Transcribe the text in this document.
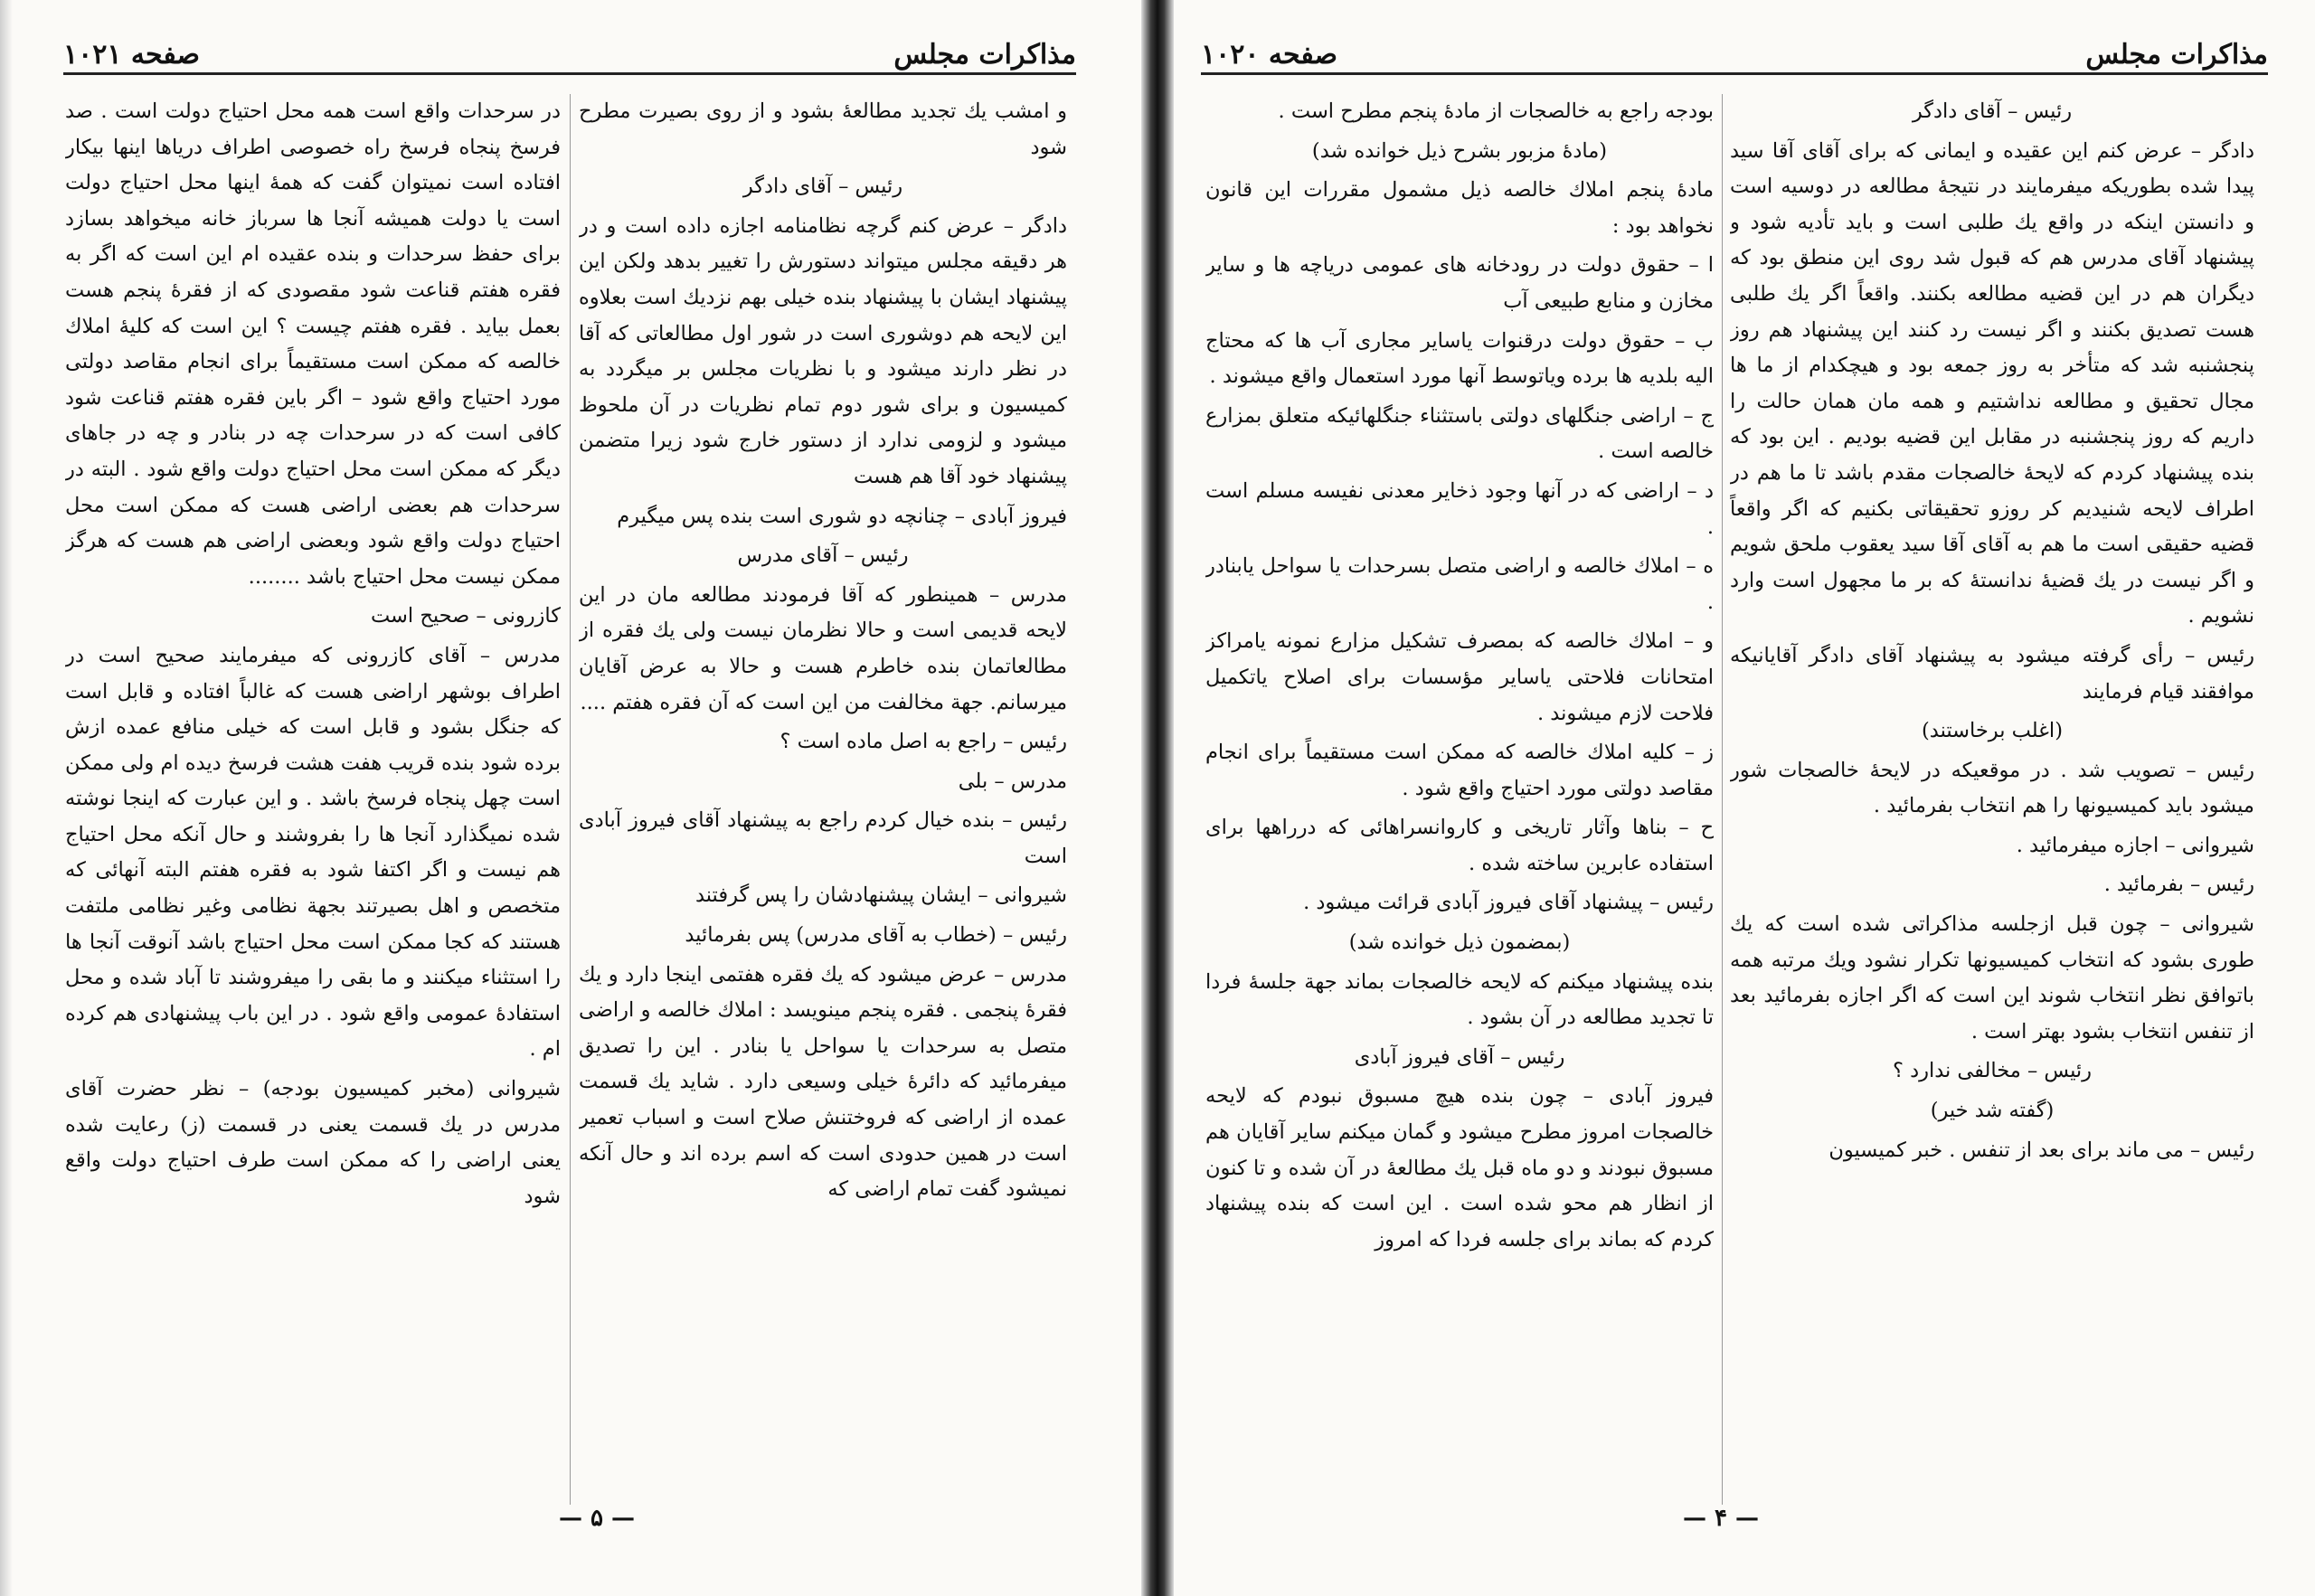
مذاکرات مجلس
صفحه ۱۰۲۱

و امشب یك تجدید مطالعهٔ بشود و از روی بصیرت مطرح شود

رئیس – آقای دادگر

دادگر – عرض کنم گرچه نظامنامه اجازه داده است و در هر دقیقه مجلس میتواند دستورش را تغییر بدهد ولکن این پیشنهاد ایشان با پیشنهاد بنده خیلی بهم نزدیك است بعلاوه این لایحه هم دوشوری است در شور اول مطالعاتی که آقا در نظر دارند میشود و با نظریات مجلس بر میگردد به کمیسیون و برای شور دوم تمام نظریات در آن ملحوظ میشود و لزومی ندارد از دستور خارج شود زیرا متضمن پیشنهاد خود آقا هم هست

فیروز آبادی – چنانچه دو شوری است بنده پس میگیرم

رئیس – آقای مدرس

مدرس – همینطور که آقا فرمودند مطالعه مان در این لایحه قدیمی است و حالا نظرمان نیست ولی یك فقره از مطالعاتمان بنده خاطرم هست و حالا به عرض آقایان میرسانم. جهة مخالفت من این است که آن فقره هفتم ....

رئیس – راجع به اصل ماده است ؟

مدرس – بلی

رئیس – بنده خیال کردم راجع به پیشنهاد آقای فیروز آبادی است

شیروانی – ایشان پیشنهادشان را پس گرفتند

رئیس – (خطاب به آقای مدرس) پس بفرمائید

مدرس – عرض میشود که یك فقره هفتمی اینجا دارد و یك فقرهٔ پنجمی . فقره پنجم مینویسد : املاك خالصه و اراضی متصل به سرحدات یا سواحل یا بنادر . این را تصدیق میفرمائید که دائرهٔ خیلی وسیعی دارد . شاید یك قسمت عمده از اراضی که فروختنش صلاح است و اسباب تعمیر است در همین حدودی است که اسم برده اند و حال آنکه نمیشود گفت تمام اراضی که

در سرحدات واقع است همه محل احتیاج دولت است . صد فرسخ پنجاه فرسخ راه خصوصی اطراف دریاها اینها بیکار افتاده است نمیتوان گفت که همهٔ اینها محل احتیاج دولت است یا دولت همیشه آنجا ها سرباز خانه میخواهد بسازد برای حفظ سرحدات و بنده عقیده ام این است که اگر به فقره هفتم قناعت شود مقصودی که از فقرهٔ پنجم هست بعمل بیاید . فقره هفتم چیست ؟ این است که کلیهٔ املاك خالصه که ممکن است مستقیماً برای انجام مقاصد دولتی مورد احتیاج واقع شود – اگر باین فقره هفتم قناعت شود کافی است که در سرحدات چه در بنادر و چه در جاهای دیگر که ممکن است محل احتیاج دولت واقع شود . البته در سرحدات هم بعضی اراضی هست که ممکن است محل احتیاج دولت واقع شود وبعضی اراضی هم هست که هرگز ممکن نیست محل احتیاج باشد ........

کازرونی – صحیح است

مدرس – آقای کازرونی که میفرمایند صحیح است در اطراف بوشهر اراضی هست که غالباً افتاده و قابل است که جنگل بشود و قابل است که خیلی منافع عمده ازش برده شود بنده قریب هفت هشت فرسخ دیده ام ولی ممکن است چهل پنجاه فرسخ باشد . و این عبارت که اینجا نوشته شده نمیگذارد آنجا ها را بفروشند و حال آنکه محل احتیاج هم نیست و اگر اکتفا شود به فقره هفتم البته آنهائی که متخصص و اهل بصیرتند بجهة نظامی وغیر نظامی ملتفت هستند که کجا ممکن است محل احتیاج باشد آنوقت آنجا ها را استثناء میکنند و ما بقی را میفروشند تا آباد شده و محل استفادهٔ عمومی واقع شود . در این باب پیشنهادی هم کرده ام .

شیروانی (مخبر کمیسیون بودجه) – نظر حضرت آقای مدرس در یك قسمت یعنی در قسمت (ز) رعایت شده یعنی اراضی را که ممکن است طرف احتیاج دولت واقع شود

— ۵ —
مذاکرات مجلس
صفحه ۱۰۲۰

رئیس – آقای دادگر

دادگر – عرض کنم این عقیده و ایمانی که برای آقای آقا سید پیدا شده بطوریکه میفرمایند در نتیجهٔ مطالعه در دوسیه است و دانستن اینکه در واقع یك طلبی است و باید تأدیه شود و پیشنهاد آقای مدرس هم که قبول شد روی این منطق بود که دیگران هم در این قضیه مطالعه بکنند. واقعاً اگر یك طلبی هست تصدیق بکنند و اگر نیست رد کنند این پیشنهاد هم روز پنجشنبه شد که متأخر به روز جمعه بود و هیچکدام از ما ها مجال تحقیق و مطالعه نداشتیم و همه مان همان حالت را داریم که روز پنجشنبه در مقابل این قضیه بودیم . این بود که بنده پیشنهاد کردم که لایحهٔ خالصجات مقدم باشد تا ما هم در اطراف لایحه شنیدیم کر روزو تحقیقاتی بکنیم که اگر واقعاً قضیه حقیقی است ما هم به آقای آقا سید یعقوب ملحق شویم و اگر نیست در یك قضیهٔ ندانستهٔ که بر ما مجهول است وارد نشویم .

رئیس – رأی گرفته میشود به پیشنهاد آقای دادگر آقایانیکه موافقند قیام فرمایند

(اغلب برخاستند)

رئیس – تصویب شد . در موقعیکه در لایحهٔ خالصجات شور میشود باید کمیسیونها را هم انتخاب بفرمائید .

شیروانی – اجازه میفرمائید .

رئیس – بفرمائید .

شیروانی – چون قبل ازجلسه مذاکراتی شده است که یك طوری بشود که انتخاب کمیسیونها تکرار نشود ویك مرتبه همه باتوافق نظر انتخاب شوند این است که اگر اجازه بفرمائید بعد از تنفس انتخاب بشود بهتر است .

رئیس – مخالفی ندارد ؟

(گفته شد خیر)

رئیس – می ماند برای بعد از تنفس . خبر کمیسیون

بودجه راجع به خالصجات از مادهٔ پنجم مطرح است .

(مادهٔ مزبور بشرح ذیل خوانده شد)

مادهٔ پنجم املاك خالصه ذیل مشمول مقررات این قانون نخواهد بود :

ا – حقوق دولت در رودخانه های عمومی دریاچه ها و سایر مخازن و منابع طبیعی آب

ب – حقوق دولت درقنوات یاسایر مجاری آب ها که محتاج الیه بلدیه ها برده ویاتوسط آنها مورد استعمال واقع میشوند .

ج – اراضی جنگلهای دولتی باستثناء جنگلهائیکه متعلق بمزارع خالصه است .

د – اراضی که در آنها وجود ذخایر معدنی نفیسه مسلم است .

ه – املاك خالصه و اراضی متصل بسرحدات یا سواحل یابنادر .

و – املاك خالصه که بمصرف تشکیل مزارع نمونه یامراکز امتحانات فلاحتی یاسایر مؤسسات برای اصلاح یاتکمیل فلاحت لازم میشوند .

ز – کلیه املاك خالصه که ممکن است مستقیماً برای انجام مقاصد دولتی مورد احتیاج واقع شود .

ح – بناها وآثار تاریخی و کاروانسراهائی که درراهها برای استفاده عابرین ساخته شده .

رئیس – پیشنهاد آقای فیروز آبادی قرائت میشود .

(بمضمون ذیل خوانده شد)

بنده پیشنهاد میکنم که لایحه خالصجات بماند جهة جلسهٔ فردا تا تجدید مطالعه در آن بشود .

رئیس – آقای فیروز آبادی

فیروز آبادی – چون بنده هیچ مسبوق نبودم که لایحه خالصجات امروز مطرح میشود و گمان میکنم سایر آقایان هم مسبوق نبودند و دو ماه قبل یك مطالعهٔ در آن شده و تا کنون از انظار هم محو شده است . این است که بنده پیشنهاد کردم که بماند برای جلسه فردا که امروز

— ۴ —
